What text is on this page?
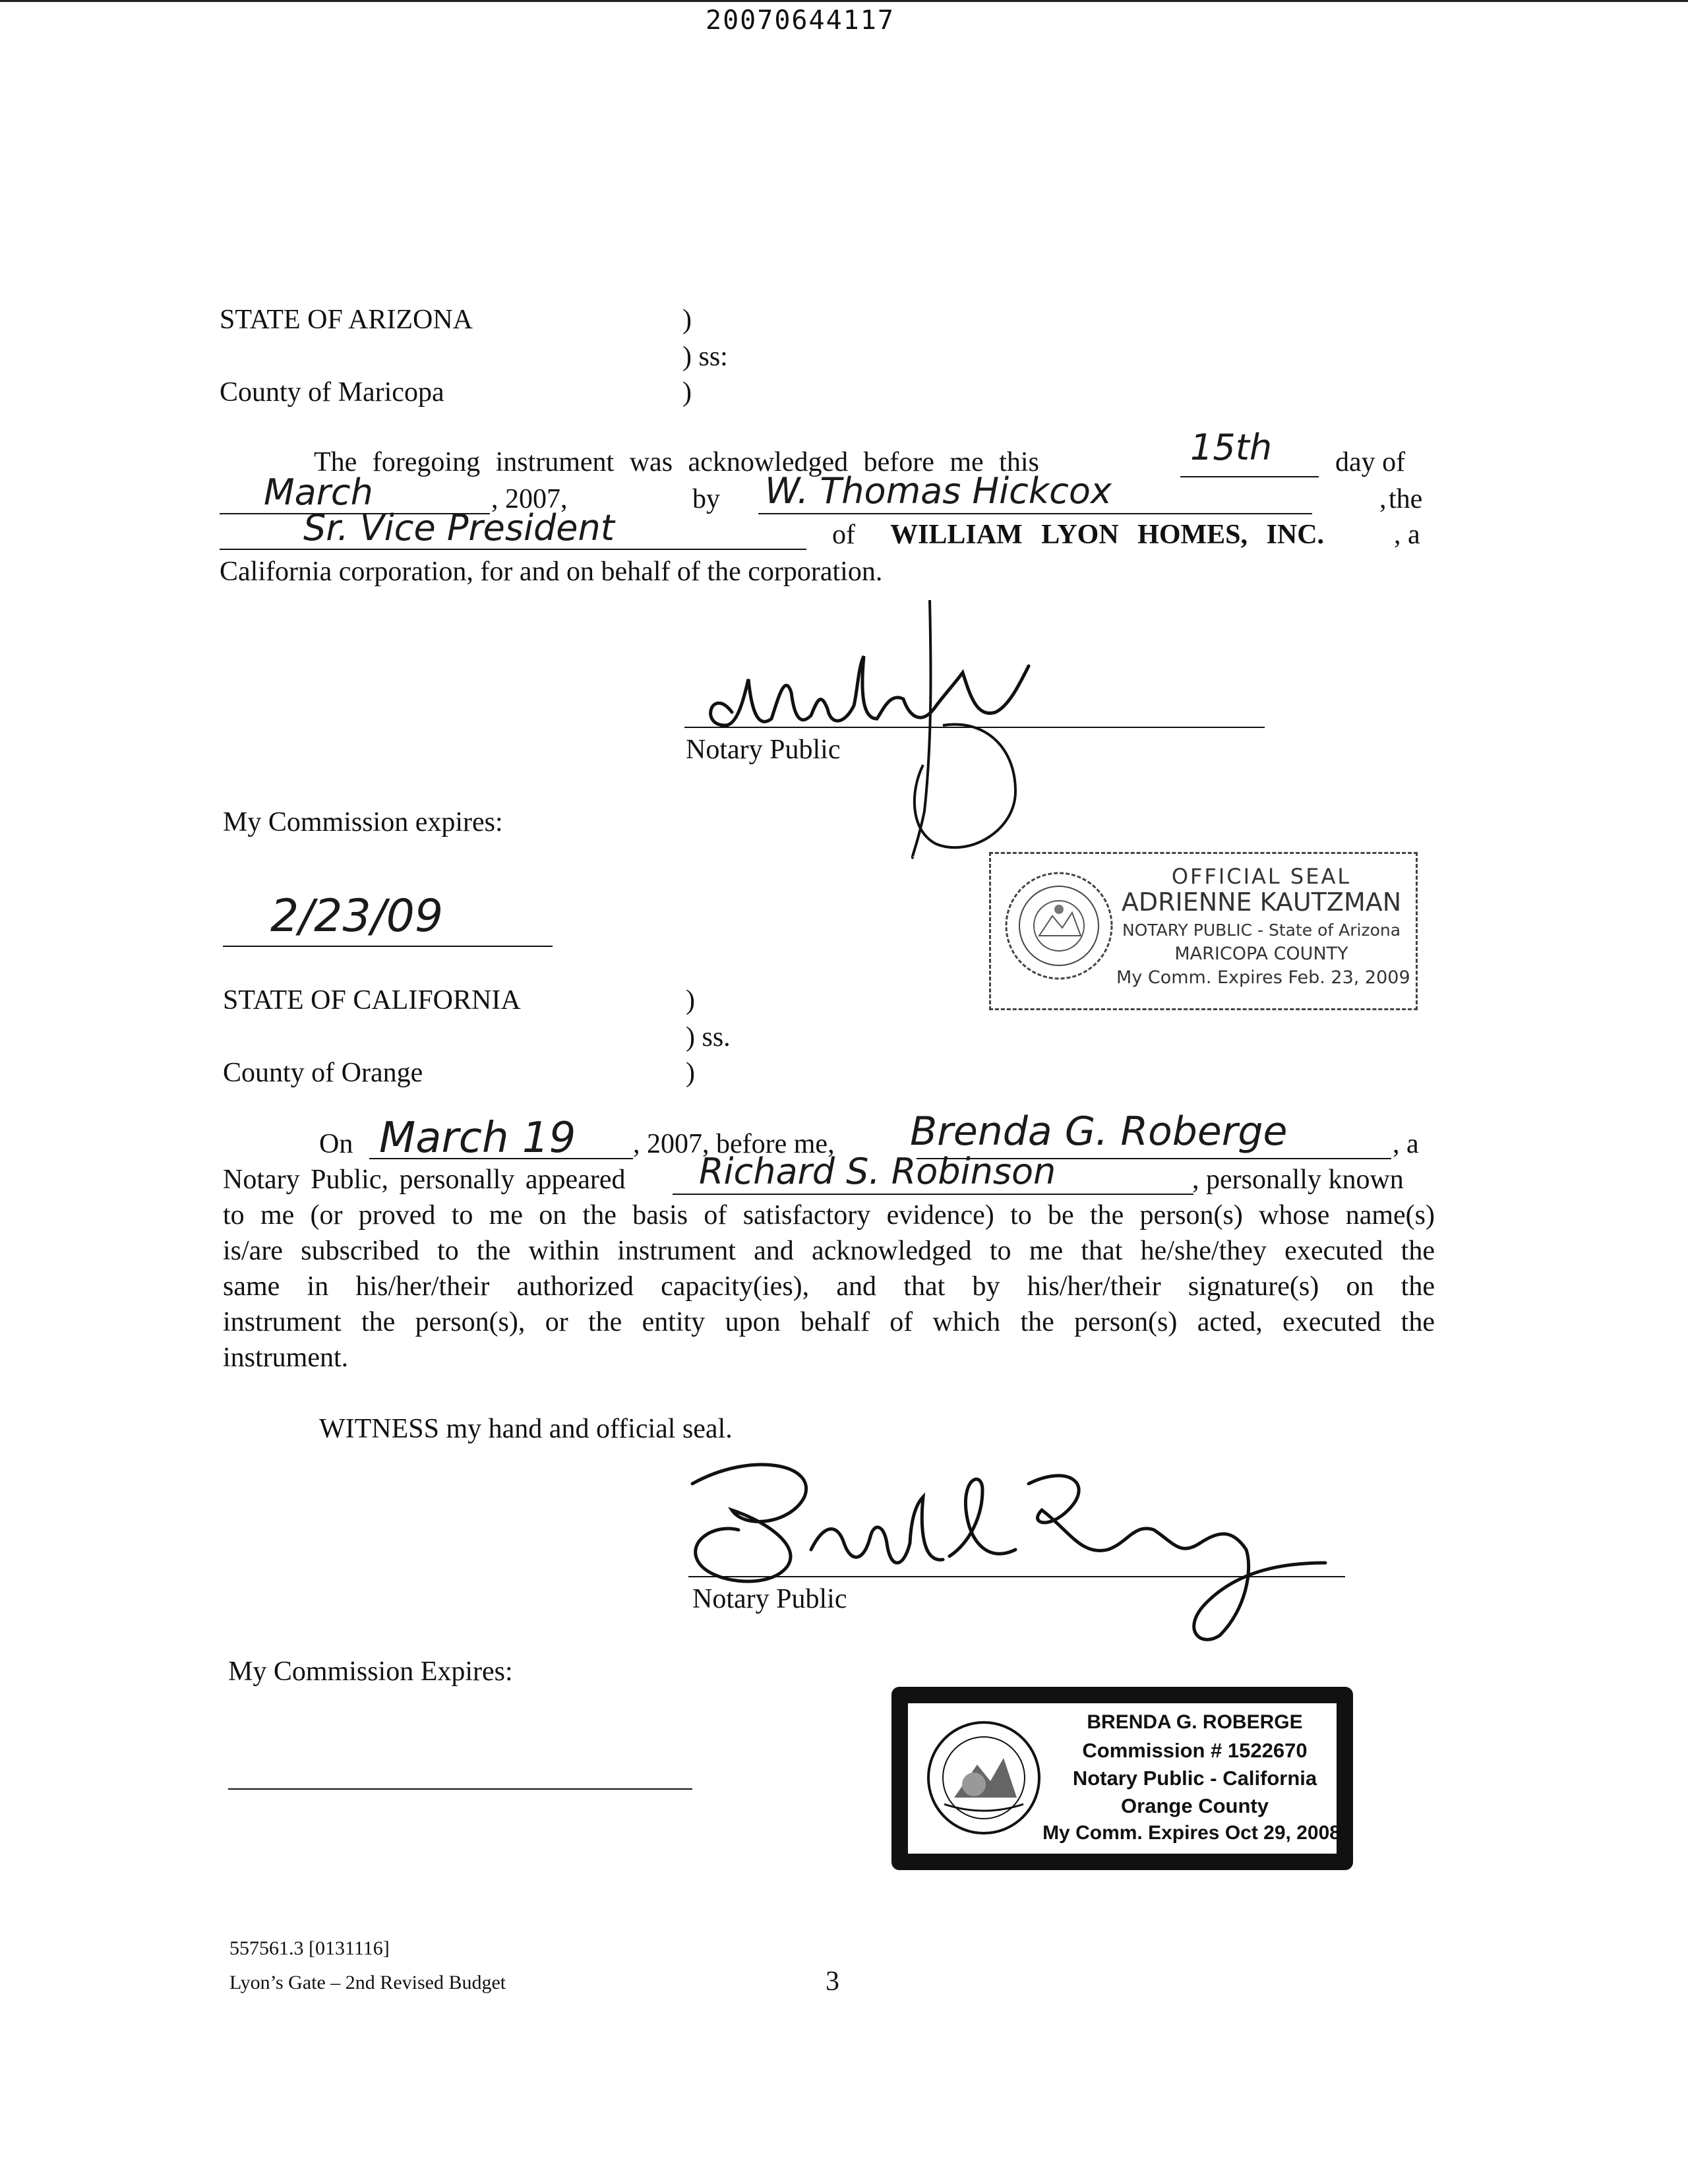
20070644117
STATE OF ARIZONA	)
) ss:
County of Maricopa	)
The foregoing instrument was acknowledged before me this	15th day of
March	, 2007,	by W. Thomas Hickcox	, the
Sr. Vice President	of WILLIAM LYON HOMES, INC.	, a
California corporation, for and on behalf of the corporation.
Notary Public
My Commission expires:
2/23/09
OFFICIAL SEAL
ADRIENNE KAUTZMAN
NOTARY PUBLIC - State of Arizona
MARICOPA COUNTY
My Comm. Expires Feb. 23, 2009
STATE OF CALIFORNIA	)
) ss.
County of Orange	)
On March 19 , 2007, before me, Brenda G. Roberge	, a
Notary Public, personally appeared	Richard S. Robinson	, personally known
to me (or proved to me on the basis of satisfactory evidence) to be the person(s) whose name(s)
is/are subscribed to the within instrument and acknowledged to me that he/she/they executed the
same in his/her/their authorized capacity(ies), and that by his/her/their signature(s) on the
instrument the person(s), or the entity upon behalf of which the person(s) acted, executed the
instrument.
WITNESS my hand and official seal.
Notary Public
My Commission Expires:
BRENDA G. ROBERGE
Commission # 1522670
Notary Public - California
Orange County
My Comm. Expires Oct 29, 2008
557561.3 [0131116]
Lyon’s Gate – 2nd Revised Budget	3
